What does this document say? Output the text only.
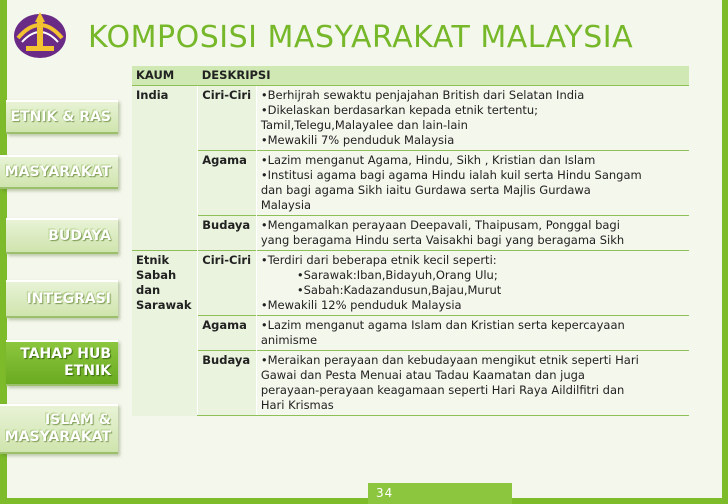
KOMPOSISI MASYARAKAT MALAYSIA
ETNIK & RAS
MASYARAKAT
BUDAYA
INTEGRASI
TAHAP HUB
ETNIK
ISLAM &
MASYARAKAT
KAUM	DESKRIPSI	

India	Ciri-Ciri	•Berhijrah sewaktu penjajahan British dari Selatan India
•Dikelaskan berdasarkan kepada etnik tertentu;
Tamil,Telegu,Malayalee dan lain-lain
•Mewakili 7% penduduk Malaysia

	Agama	•Lazim menganut Agama, Hindu, Sikh , Kristian dan Islam
•Institusi agama bagi agama Hindu ialah kuil serta Hindu Sangam
dan bagi agama Sikh iaitu Gurdawa serta Majlis Gurdawa
Malaysia

	Budaya	•Mengamalkan perayaan Deepavali, Thaipusam, Ponggal bagi
yang beragama Hindu serta Vaisakhi bagi yang beragama Sikh

Etnik
Sabah
dan
Sarawak	Ciri-Ciri	•Terdiri dari beberapa etnik kecil seperti:
•Sarawak:Iban,Bidayuh,Orang Ulu;
•Sabah:Kadazandusun,Bajau,Murut
•Mewakili 12% penduduk Malaysia

	Agama	•Lazim menganut agama Islam dan Kristian serta kepercayaan
animisme

	Budaya	•Meraikan perayaan dan kebudayaan mengikut etnik seperti Hari
Gawai dan Pesta Menuai atau Tadau Kaamatan dan juga
perayaan-perayaan keagamaan seperti Hari Raya Aildilfitri dan
Hari Krismas
34
